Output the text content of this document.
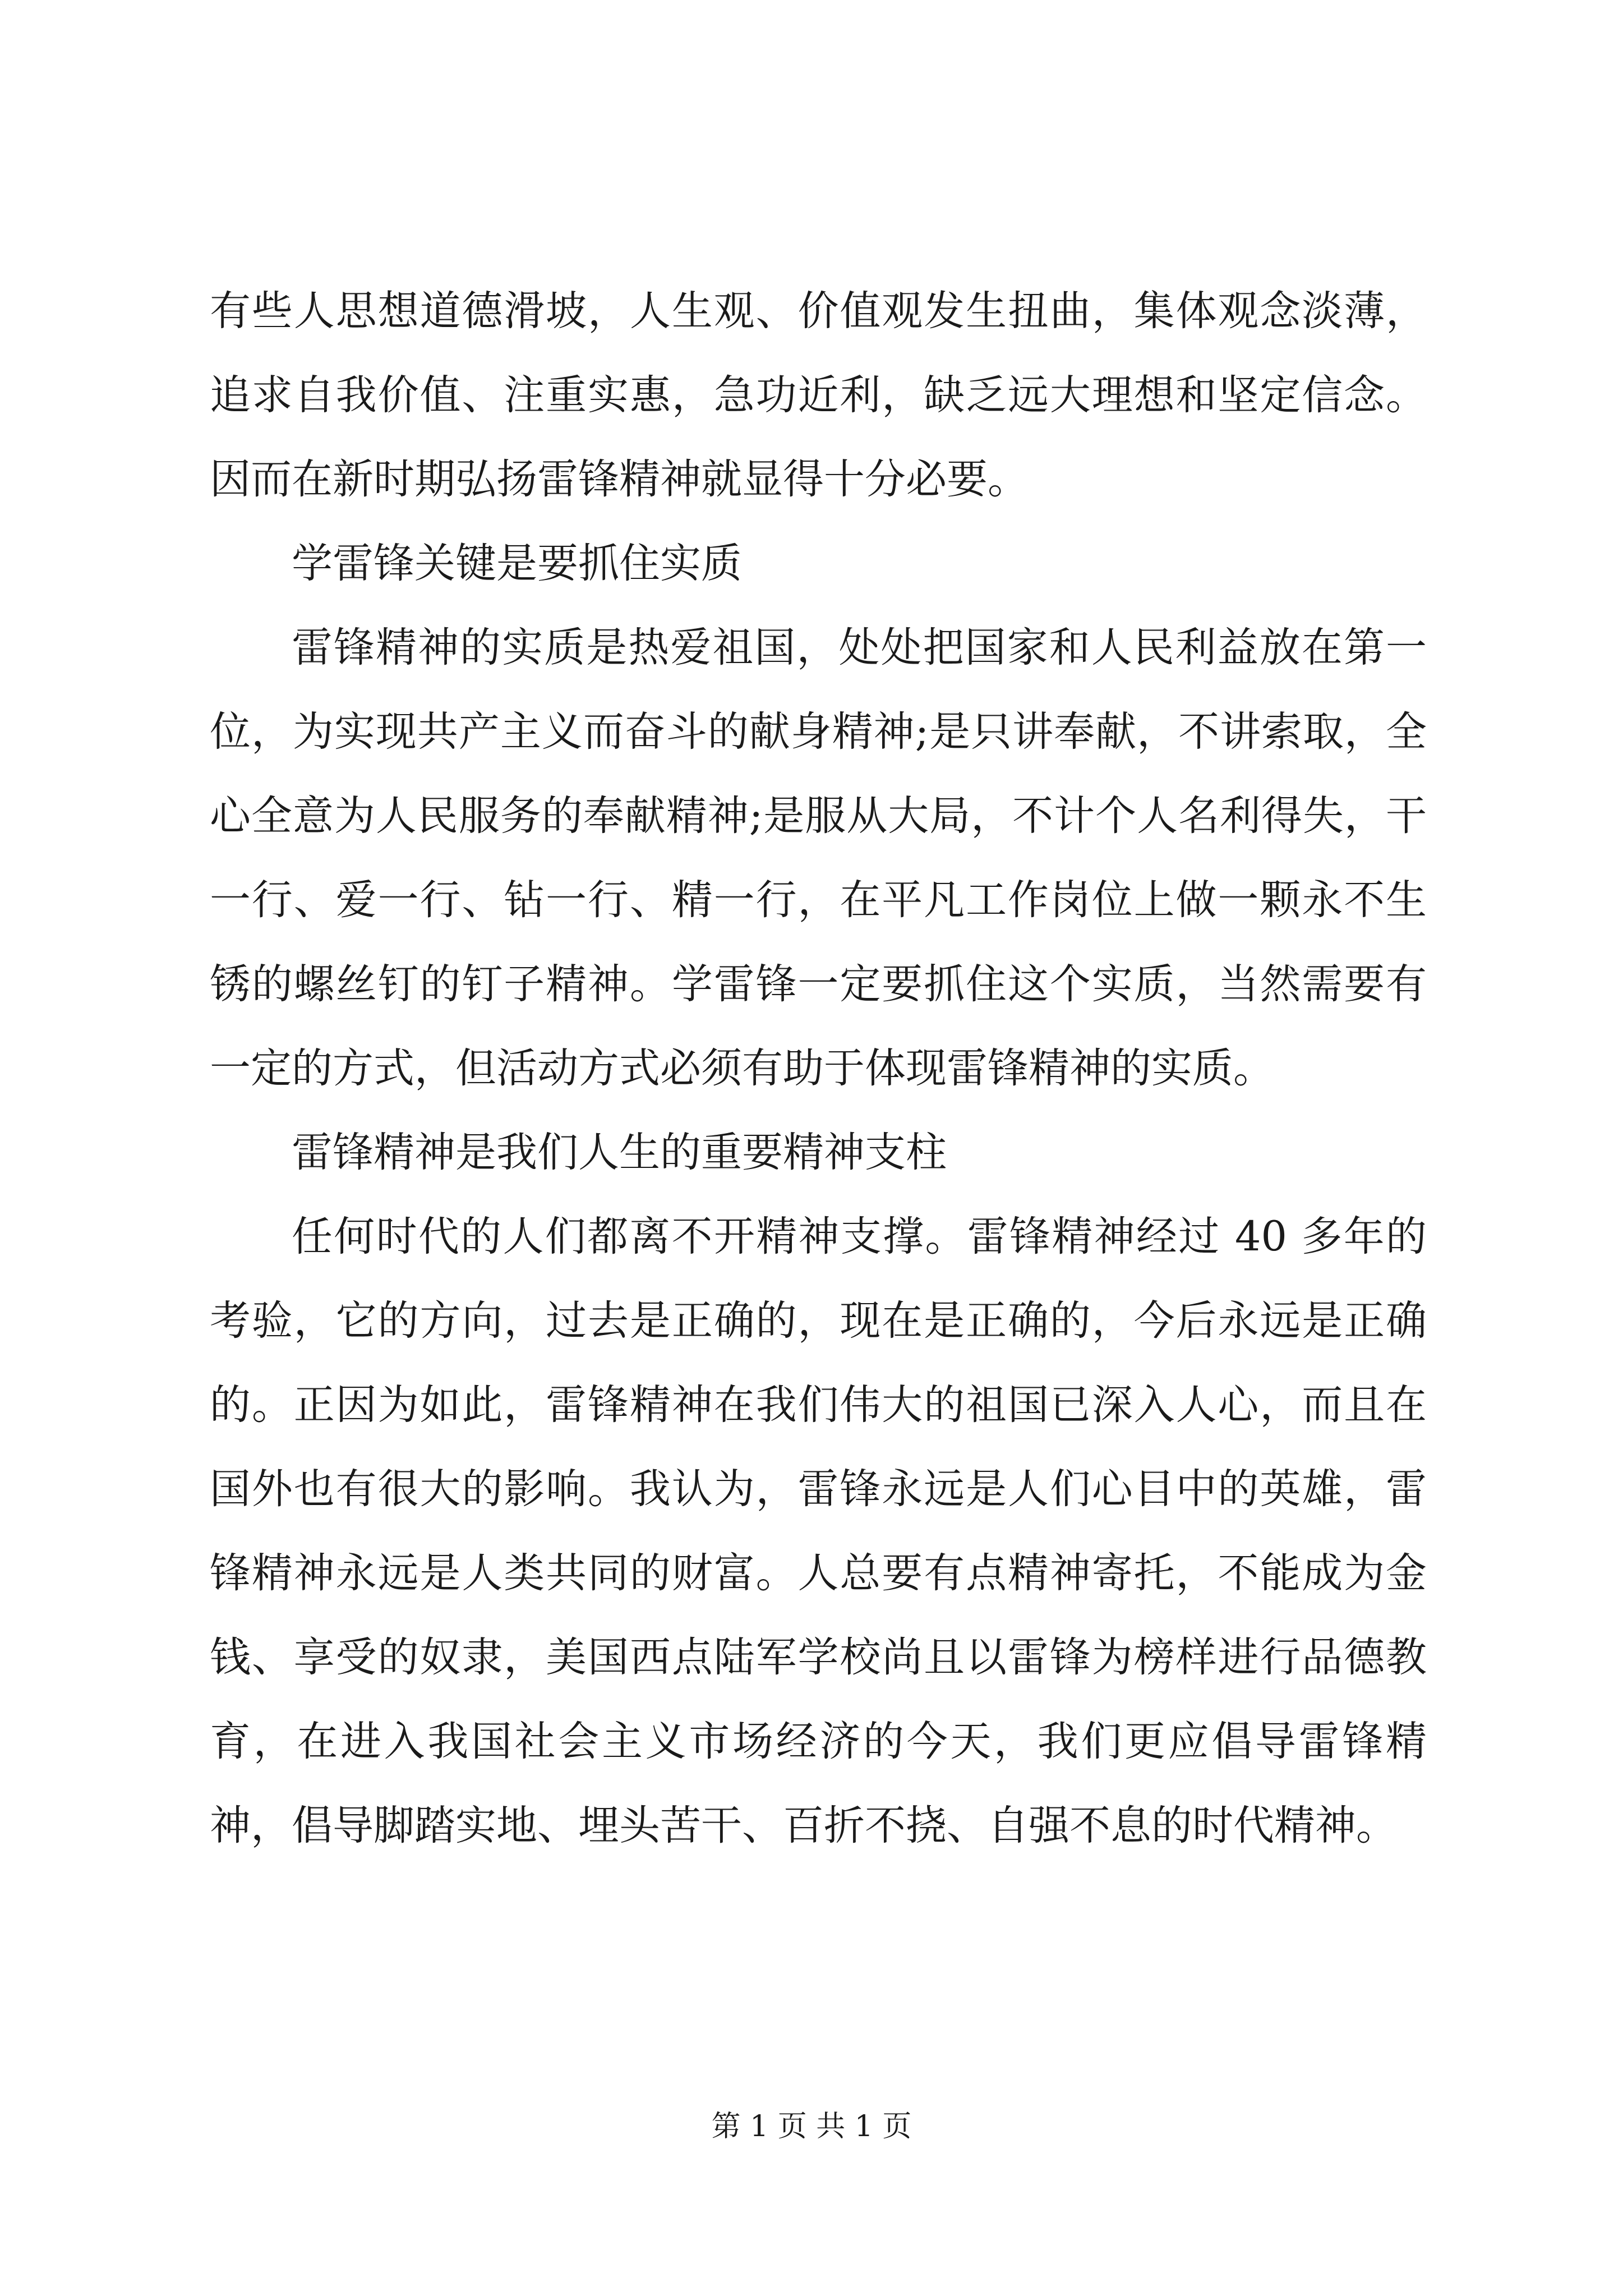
有些人思想道德滑坡，人生观、价值观发生扭曲，集体观念淡薄，追求自我价值、注重实惠，急功近利，缺乏远大理想和坚定信念。因而在新时期弘扬雷锋精神就显得十分必要。

学雷锋关键是要抓住实质

雷锋精神的实质是热爱祖国，处处把国家和人民利益放在第一位，为实现共产主义而奋斗的献身精神;是只讲奉献，不讲索取，全心全意为人民服务的奉献精神;是服从大局，不计个人名利得失，干一行、爱一行、钻一行、精一行，在平凡工作岗位上做一颗永不生锈的螺丝钉的钉子精神。学雷锋一定要抓住这个实质，当然需要有一定的方式，但活动方式必须有助于体现雷锋精神的实质。

雷锋精神是我们人生的重要精神支柱

任何时代的人们都离不开精神支撑。雷锋精神经过 40 多年的考验，它的方向，过去是正确的，现在是正确的，今后永远是正确的。正因为如此，雷锋精神在我们伟大的祖国已深入人心，而且在国外也有很大的影响。我认为，雷锋永远是人们心目中的英雄，雷锋精神永远是人类共同的财富。人总要有点精神寄托，不能成为金钱、享受的奴隶，美国西点陆军学校尚且以雷锋为榜样进行品德教育，在进入我国社会主义市场经济的今天，我们更应倡导雷锋精神，倡导脚踏实地、埋头苦干、百折不挠、自强不息的时代精神。

第 1 页 共 1 页
